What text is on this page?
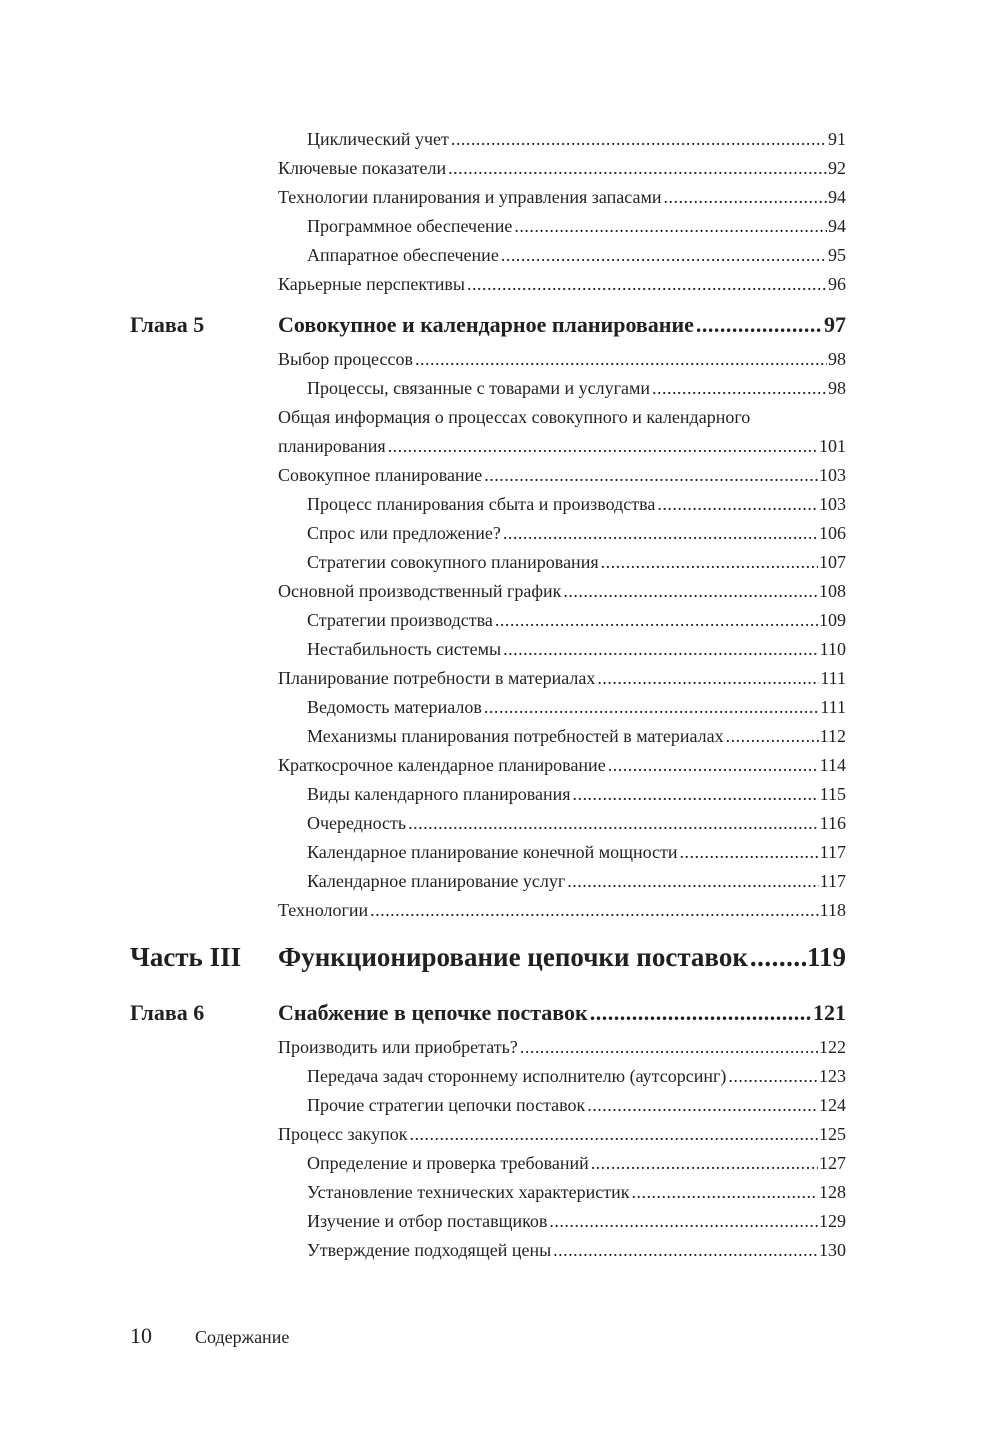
Циклический учет .....	91
Ключевые показатели .....	92
Технологии планирования и управления запасами .....	94
Программное обеспечение .....	94
Аппаратное обеспечение .....	95
Карьерные перспективы .....	96
Глава 5	Совокупное и календарное планирование .....	97
Выбор процессов .....	98
Процессы, связанные с товарами и услугами .....	98
Общая информация о процессах совокупного и календарного
планирования .....	101
Совокупное планирование .....	103
Процесс планирования сбыта и производства .....	103
Спрос или предложение? .....	106
Стратегии совокупного планирования .....	107
Основной производственный график .....	108
Стратегии производства .....	109
Нестабильность системы .....	110
Планирование потребности в материалах .....	111
Ведомость материалов .....	111
Механизмы планирования потребностей в материалах .....	112
Краткосрочное календарное планирование .....	114
Виды календарного планирования .....	115
Очередность .....	116
Календарное планирование конечной мощности .....	117
Календарное планирование услуг .....	117
Технологии .....	118
Часть III Функционирование цепочки поставок ..... 119
Глава 6	Снабжение в цепочке поставок .....	121
Производить или приобретать? .....	122
Передача задач стороннему исполнителю (аутсорсинг) .....	123
Прочие стратегии цепочки поставок .....	124
Процесс закупок .....	125
Определение и проверка требований .....	127
Установление технических характеристик .....	128
Изучение и отбор поставщиков .....	129
Утверждение подходящей цены .....	130
10 Содержание
